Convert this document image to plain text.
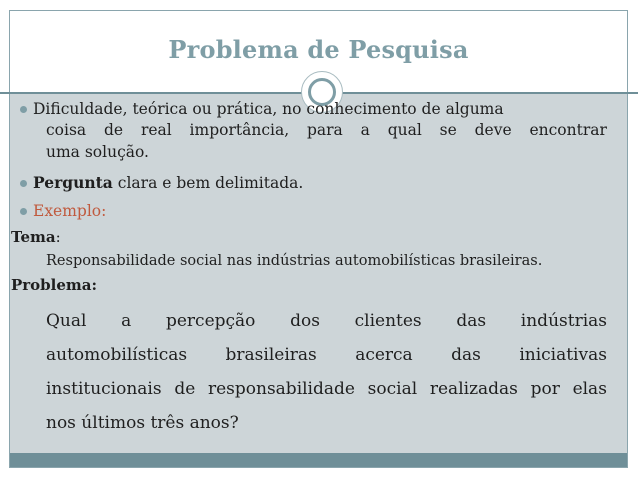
Problema de Pesquisa
Dificuldade, teórica ou prática, no conhecimento de alguma
coisa de real importância, para a qual se deve encontrar
uma solução.
Pergunta clara e bem delimitada.
Exemplo:
Tema:
Responsabilidade social nas indústrias automobilísticas brasileiras.
Problema:
Qual a percepção dos clientes das indústrias
automobilísticas brasileiras acerca das iniciativas
institucionais de responsabilidade social realizadas por elas
nos últimos três anos?
